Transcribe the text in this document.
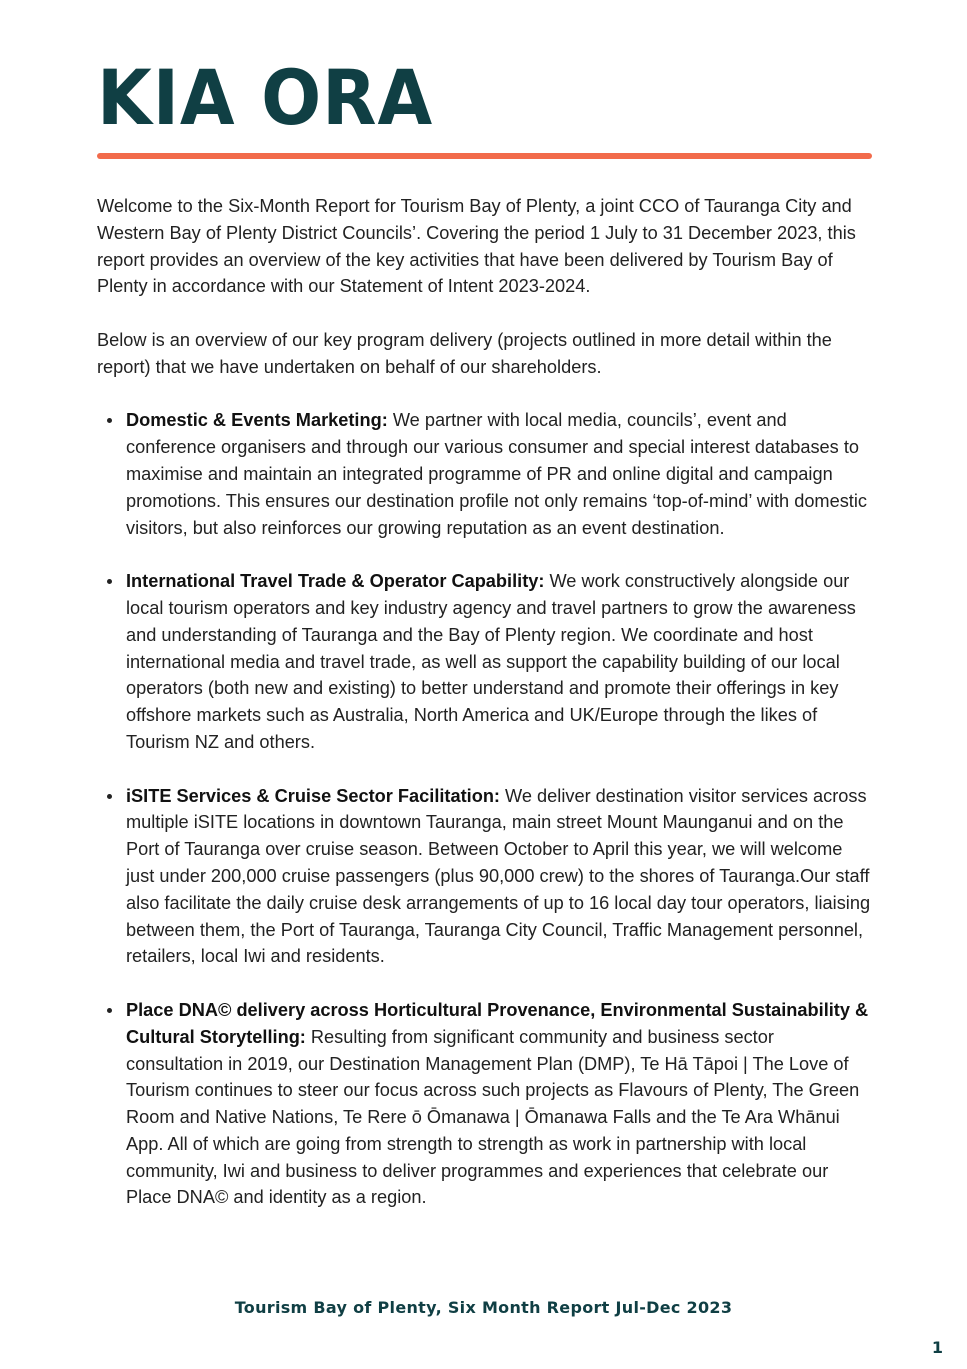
KIA ORA

Welcome to the Six-Month Report for Tourism Bay of Plenty, a joint CCO of Tauranga City and Western Bay of Plenty District Councils’. Covering the period 1 July to 31 December 2023, this report provides an overview of the key activities that have been delivered by Tourism Bay of Plenty in accordance with our Statement of Intent 2023-2024.

Below is an overview of our key program delivery (projects outlined in more detail within the report) that we have undertaken on behalf of our shareholders.

Domestic & Events Marketing: We partner with local media, councils’, event and conference organisers and through our various consumer and special interest databases to maximise and maintain an integrated programme of PR and online digital and campaign promotions. This ensures our destination profile not only remains ‘top-of-mind’ with domestic visitors, but also reinforces our growing reputation as an event destination.
International Travel Trade & Operator Capability: We work constructively alongside our local tourism operators and key industry agency and travel partners to grow the awareness and understanding of Tauranga and the Bay of Plenty region. We coordinate and host international media and travel trade, as well as support the capability building of our local operators (both new and existing) to better understand and promote their offerings in key offshore markets such as Australia, North America and UK/Europe through the likes of Tourism NZ and others.
iSITE Services & Cruise Sector Facilitation: We deliver destination visitor services across multiple iSITE locations in downtown Tauranga, main street Mount Maunganui and on the Port of Tauranga over cruise season. Between October to April this year, we will welcome just under 200,000 cruise passengers (plus 90,000 crew) to the shores of Tauranga.Our staff also facilitate the daily cruise desk arrangements of up to 16 local day tour operators, liaising between them, the Port of Tauranga, Tauranga City Council, Traffic Management personnel, retailers, local Iwi and residents.
Place DNA© delivery across Horticultural Provenance, Environmental Sustainability & Cultural Storytelling: Resulting from significant community and business sector consultation in 2019, our Destination Management Plan (DMP), Te Hā Tāpoi | The Love of Tourism continues to steer our focus across such projects as Flavours of Plenty, The Green Room and Native Nations, Te Rere ō Ōmanawa | Ōmanawa Falls and the Te Ara Whānui App. All of which are going from strength to strength as work in partnership with local community, Iwi and business to deliver programmes and experiences that celebrate our Place DNA© and identity as a region.
Tourism Bay of Plenty, Six Month Report Jul-Dec 2023
1
